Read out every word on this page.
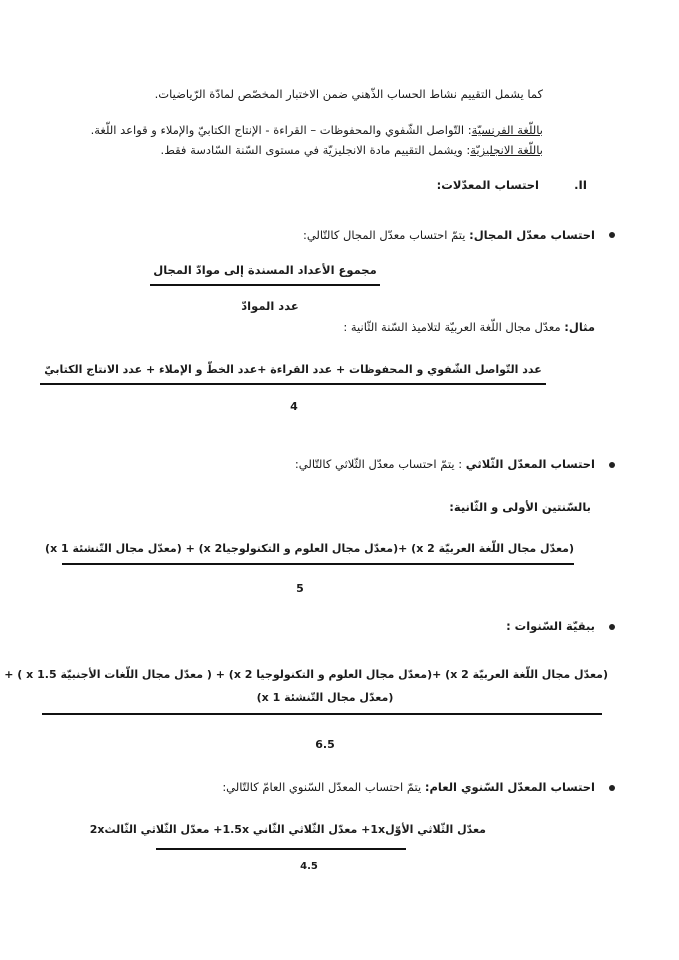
كما يشمل التقييم نشاط الحساب الذّهني ضمن الاختبار المخصّص لمادّة الرّياضيات.
باللّغة الفرنسيّة: التّواصل الشّفوي والمحفوظات – القراءة - الإنتاج الكتابيّ والإملاء و قواعد اللّغة.
باللّغة الانجليزيّة: ويشمل التقييم مادة الانجليزيّة في مستوى السّنة السّادسة فقط.
II.
احتساب المعدّلات:
احتساب معدّل المجال: يتمّ احتساب معدّل المجال كالتّالي:
مجموع الأعداد المسندة إلى موادّ المجال
عدد الموادّ
مثال: معدّل مجال اللّغة العربيّة لتلاميذ السّنة الثّانية :
عدد التّواصل الشّفوي و المحفوظات + عدد القراءة +عدد الخطّ و الإملاء + عدد الانتاج الكتابيّ
4
احتساب المعدّل الثّلاثي : يتمّ احتساب معدّل الثّلاثي كالتّالي:
بالسّنتين الأولى و الثّانية:
(معدّل مجال اللّغة العربيّة 2 x) +(معدّل مجال العلوم و التكنولوجيا2 x) + (معدّل مجال التّنشئة 1 x)
5
ببقيّة السّنوات :
(معدّل مجال اللّغة العربيّة 2 x) +(معدّل مجال العلوم و التكنولوجيا 2 x) + ( معدّل مجال اللّغات الأجنبيّة 1.5 x ) +
(معدّل مجال التّنشئة 1 x)
6.5
احتساب المعدّل السّنوي العام: يتمّ احتساب المعدّل السّنوي العامّ كالتّالي:
معدّل الثّلاثي الأوّل1x+ معدّل الثّلاثي الثّاني 1.5x+ معدّل الثّلاثي الثّالث2x
4.5
